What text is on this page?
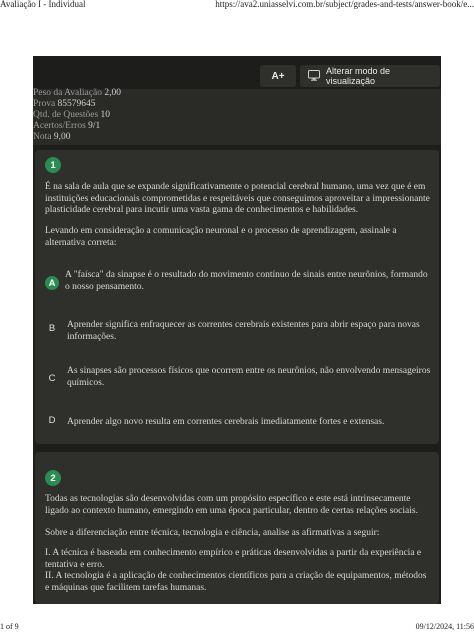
Avaliação I - Individual	https://ava2.uniasselvi.com.br/subject/grades-and-tests/answer-book/e...
A+	Alterar modo de visualização
Peso da Avaliação 2,00
Prova 85579645
Qtd. de Questões 10
Acertos/Erros 9/1
Nota 9,00
1
É na sala de aula que se expande significativamente o potencial cerebral humano, uma vez que é em instituições educacionais comprometidas e respeitáveis que conseguimos aproveitar a impressionante plasticidade cerebral para incutir uma vasta gama de conhecimentos e habilidades.
Levando em consideração a comunicação neuronal e o processo de aprendizagem, assinale a alternativa correta:
A
A "faísca" da sinapse é o resultado do movimento contínuo de sinais entre neurônios, formando o nosso pensamento.
B	Aprender significa enfraquecer as correntes cerebrais existentes para abrir espaço para novas informações.
C
As sinapses são processos físicos que ocorrem entre os neurônios, não envolvendo mensageiros químicos.
D	Aprender algo novo resulta em correntes cerebrais imediatamente fortes e extensas.
2
Todas as tecnologias são desenvolvidas com um propósito específico e este está intrinsecamente ligado ao contexto humano, emergindo em uma época particular, dentro de certas relações sociais.
Sobre a diferenciação entre técnica, tecnologia e ciência, analise as afirmativas a seguir:
I. A técnica é baseada em conhecimento empírico e práticas desenvolvidas a partir da experiência e tentativa e erro.
II. A tecnologia é a aplicação de conhecimentos científicos para a criação de equipamentos, métodos e máquinas que facilitem tarefas humanas.
1 of 9	09/12/2024, 11:56
